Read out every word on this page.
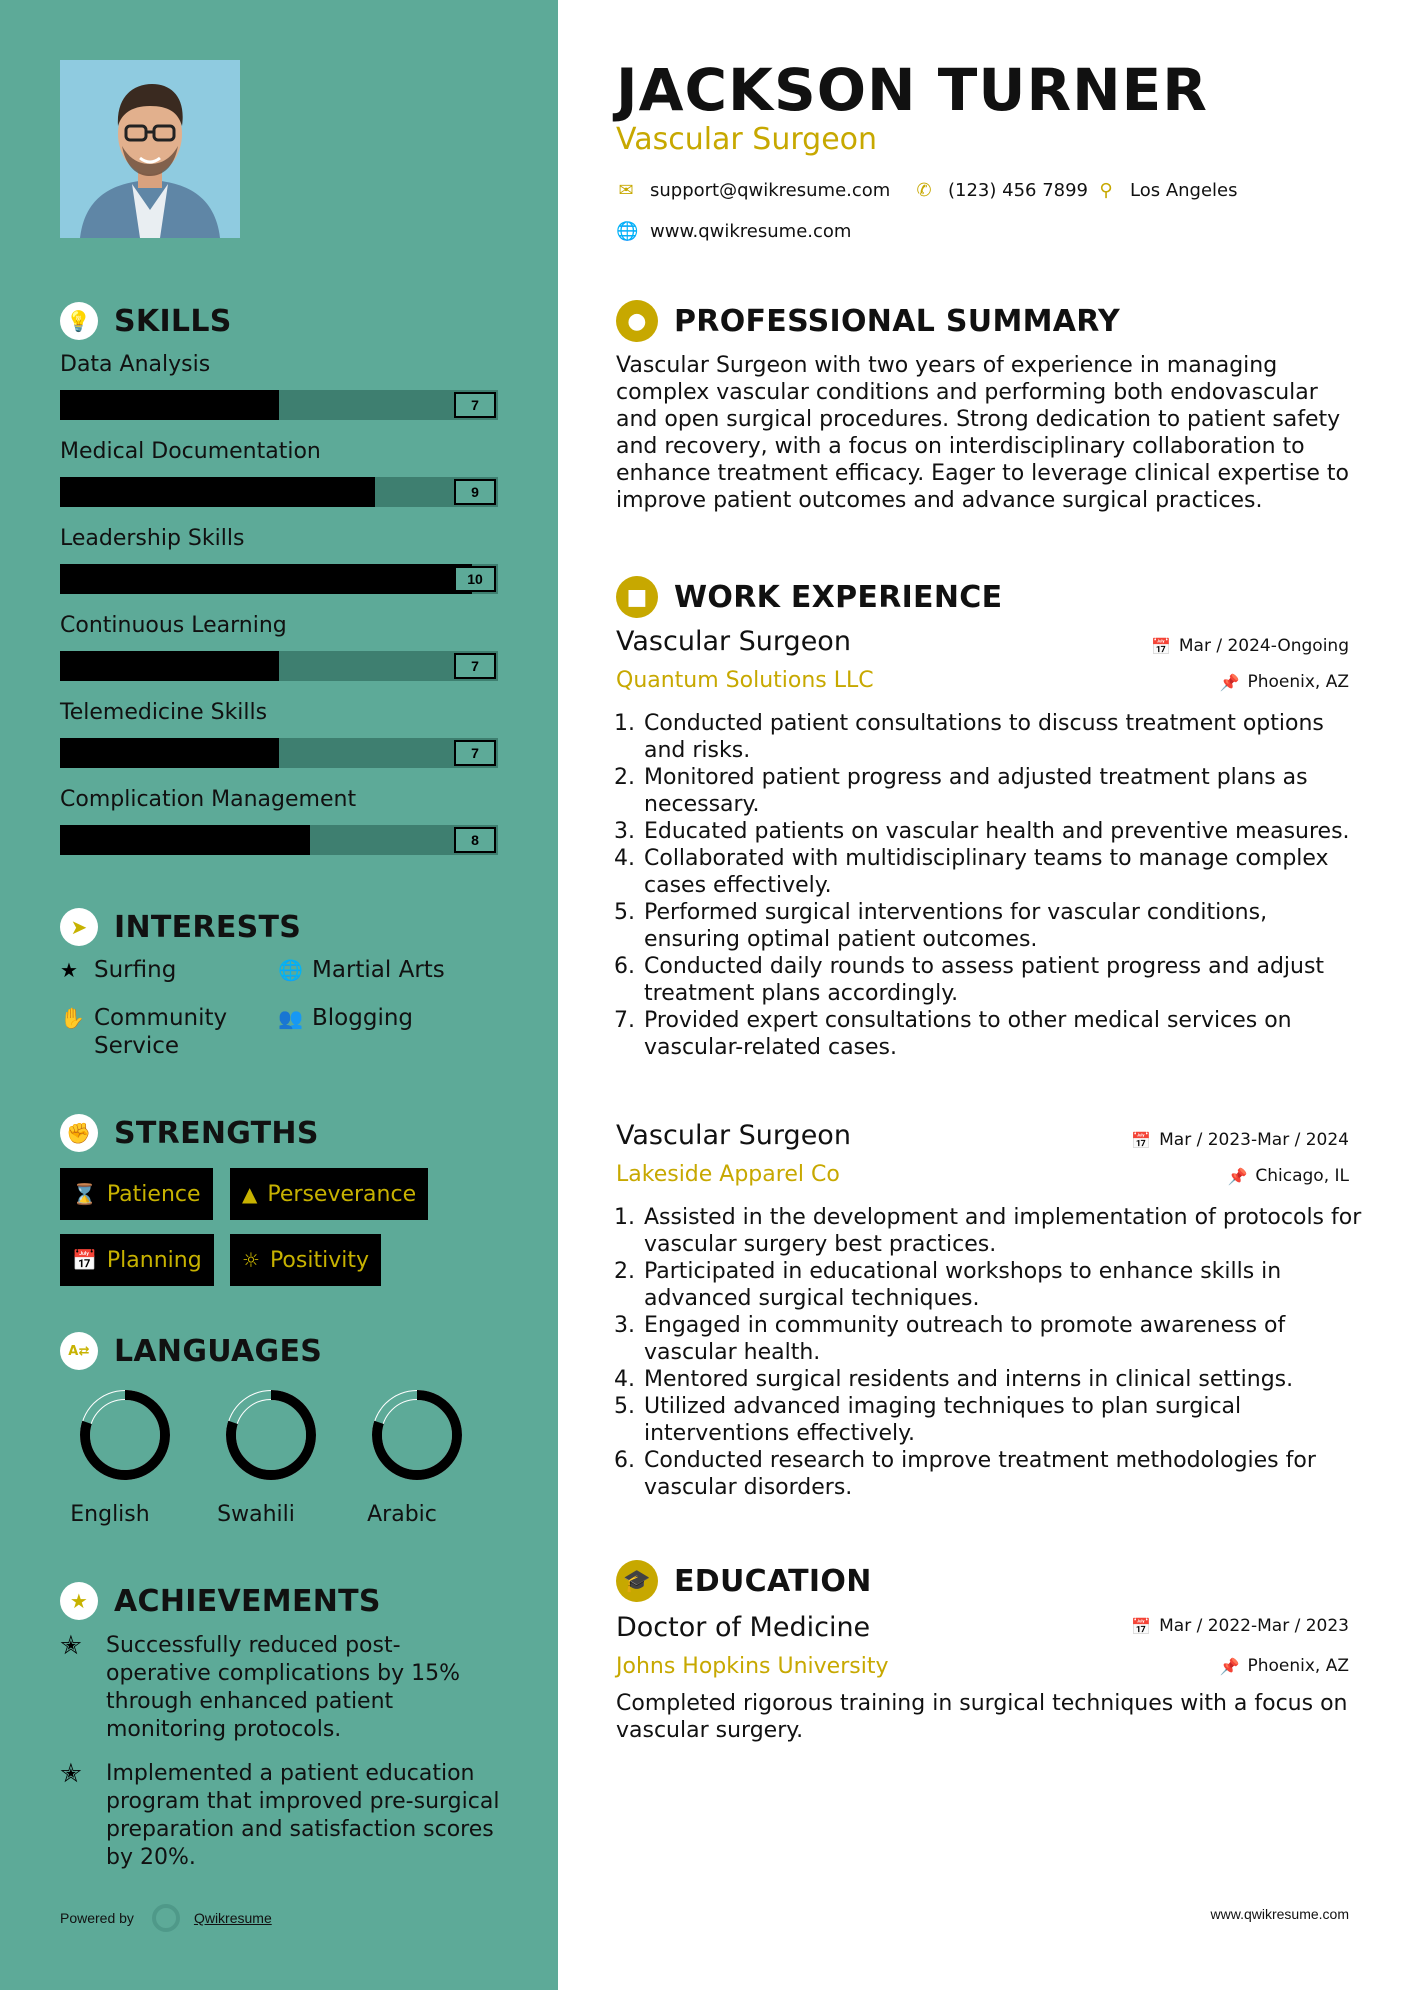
💡 SKILLS
Data Analysis
7
Medical Documentation
9
Leadership Skills
10
Continuous Learning
7
Telemedicine Skills
7
Complication Management
8
➤ INTERESTS
★ Surfing	🌐 Martial Arts
✋ Community Service
👥 Blogging
✊ STRENGTHS
⌛ Patience ▲ Perseverance
📅 Planning ☼ Positivity
A⇄ LANGUAGES
English	Swahili	Arabic
★ ACHIEVEMENTS
✭	Successfully reduced post-operative complications by 15% through enhanced patient monitoring protocols.
✭	Implemented a patient education program that improved pre-surgical preparation and satisfaction scores by 20%.
Powered by	Qwikresume
JACKSON TURNER
Vascular Surgeon
✉ support@qwikresume.com ✆ (123) 456 7899 ⚲ Los Angeles
🌐 www.qwikresume.com
● PROFESSIONAL SUMMARY
Vascular Surgeon with two years of experience in managing complex vascular conditions and performing both endovascular and open surgical procedures. Strong dedication to patient safety and recovery, with a focus on interdisciplinary collaboration to enhance treatment efficacy. Eager to leverage clinical expertise to improve patient outcomes and advance surgical practices.
■ WORK EXPERIENCE
Vascular Surgeon
Quantum Solutions LLC
📅 Mar / 2024-Ongoing
📌 Phoenix, AZ
1. Conducted patient consultations to discuss treatment options and risks.
2. Monitored patient progress and adjusted treatment plans as necessary.
3. Educated patients on vascular health and preventive measures.
4. Collaborated with multidisciplinary teams to manage complex cases effectively.
5. Performed surgical interventions for vascular conditions, ensuring optimal patient outcomes.
6. Conducted daily rounds to assess patient progress and adjust treatment plans accordingly.
7. Provided expert consultations to other medical services on vascular-related cases.
Vascular Surgeon
Lakeside Apparel Co
📅 Mar / 2023-Mar / 2024
📌 Chicago, IL
1. Assisted in the development and implementation of protocols for vascular surgery best practices.
2. Participated in educational workshops to enhance skills in advanced surgical techniques.
3. Engaged in community outreach to promote awareness of vascular health.
4. Mentored surgical residents and interns in clinical settings.
5. Utilized advanced imaging techniques to plan surgical interventions effectively.
6. Conducted research to improve treatment methodologies for vascular disorders.
🎓 EDUCATION
Doctor of Medicine
Johns Hopkins University
📅 Mar / 2022-Mar / 2023
📌 Phoenix, AZ
Completed rigorous training in surgical techniques with a focus on vascular surgery.
www.qwikresume.com
